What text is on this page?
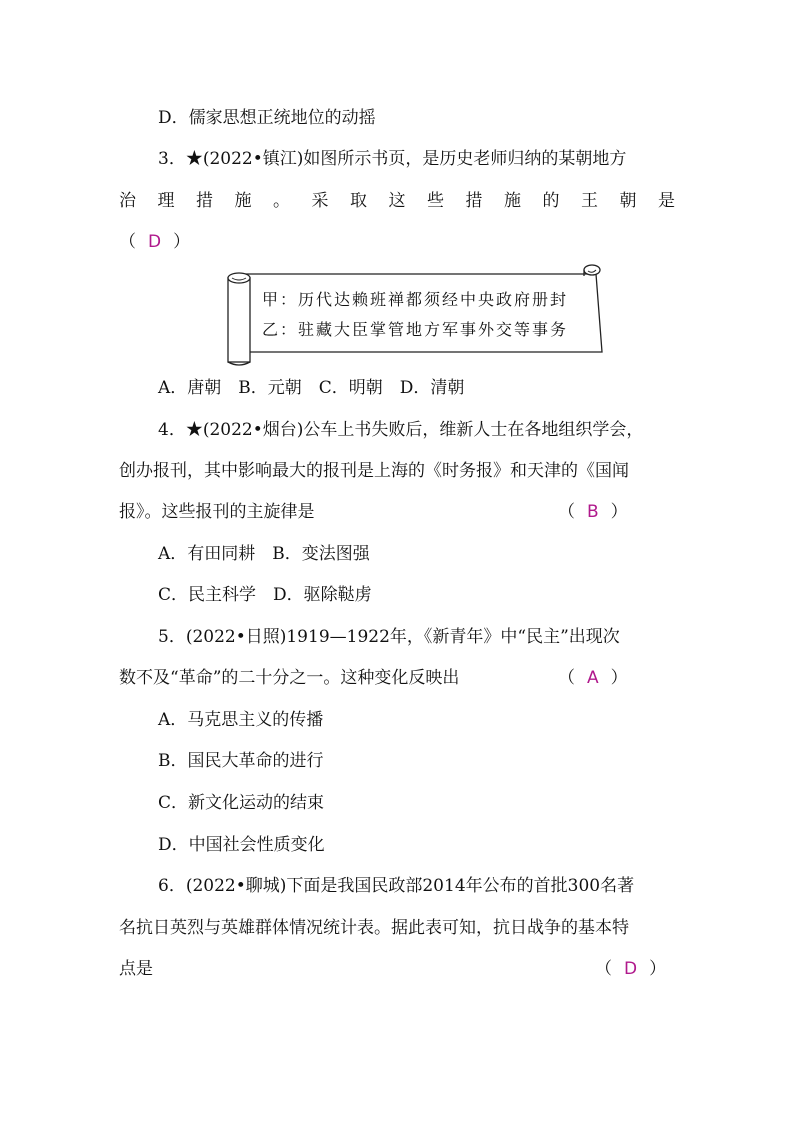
D．儒家思想正统地位的动摇
3．★(2022•镇江)如图所示书页，是历史老师归纳的某朝地方
治 理 措 施 。 采 取 这 些 措 施 的 王 朝 是
（ D ）
甲：历代达赖班禅都须经中央政府册封
乙：驻藏大臣掌管地方军事外交等事务
A．唐朝　B．元朝　C．明朝　D．清朝
4．★(2022•烟台)公车上书失败后，维新人士在各地组织学会，
创办报刊，其中影响最大的报刊是上海的《时务报》和天津的《国闻
报》。这些报刊的主旋律是	（ B ）
A．有田同耕　B．变法图强
C．民主科学　D．驱除鞑虏
5．(2022•日照)1919—1922年，《新青年》中“民主”出现次
数不及“革命”的二十分之一。这种变化反映出	（ A ）
A．马克思主义的传播
B．国民大革命的进行
C．新文化运动的结束
D．中国社会性质变化
6．(2022•聊城)下面是我国民政部2014年公布的首批300名著
名抗日英烈与英雄群体情况统计表。据此表可知，抗日战争的基本特
点是	（ D ）
